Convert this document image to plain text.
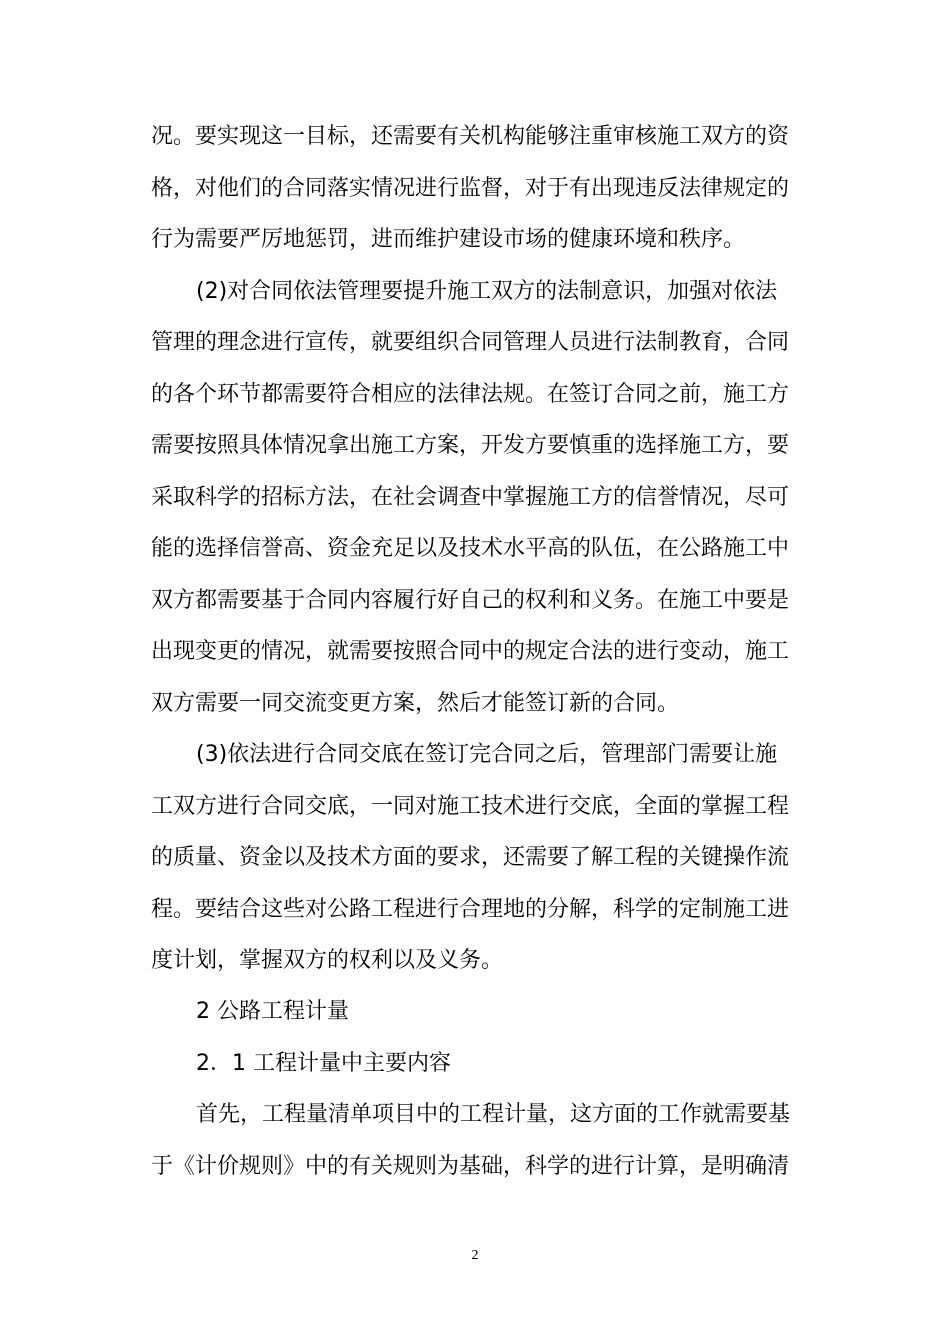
况。要实现这一目标，还需要有关机构能够注重审核施工双方的资
格，对他们的合同落实情况进行监督，对于有出现违反法律规定的
行为需要严厉地惩罚，进而维护建设市场的健康环境和秩序。
(2)对合同依法管理要提升施工双方的法制意识，加强对依法
管理的理念进行宣传，就要组织合同管理人员进行法制教育，合同
的各个环节都需要符合相应的法律法规。在签订合同之前，施工方
需要按照具体情况拿出施工方案，开发方要慎重的选择施工方，要
采取科学的招标方法，在社会调查中掌握施工方的信誉情况，尽可
能的选择信誉高、资金充足以及技术水平高的队伍，在公路施工中
双方都需要基于合同内容履行好自己的权利和义务。在施工中要是
出现变更的情况，就需要按照合同中的规定合法的进行变动，施工
双方需要一同交流变更方案，然后才能签订新的合同。
(3)依法进行合同交底在签订完合同之后，管理部门需要让施
工双方进行合同交底，一同对施工技术进行交底，全面的掌握工程
的质量、资金以及技术方面的要求，还需要了解工程的关键操作流
程。要结合这些对公路工程进行合理地的分解，科学的定制施工进
度计划，掌握双方的权利以及义务。
2 公路工程计量
2．1 工程计量中主要内容
首先，工程量清单项目中的工程计量，这方面的工作就需要基
于《计价规则》中的有关规则为基础，科学的进行计算，是明确清
2
